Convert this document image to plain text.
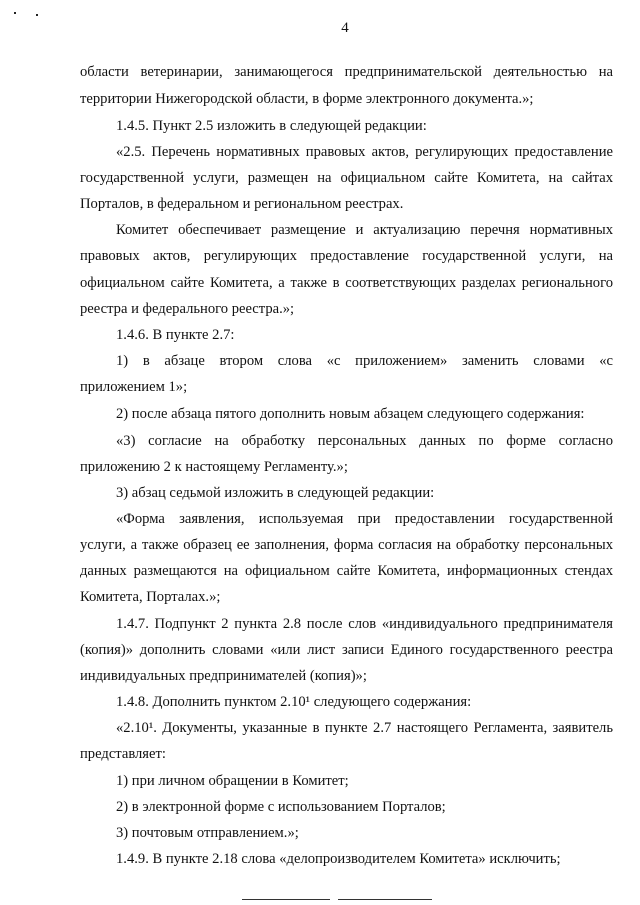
4
области ветеринарии, занимающегося предпринимательской деятельностью на
территории Нижегородской области, в форме электронного документа.»;
1.4.5. Пункт 2.5 изложить в следующей редакции:
«2.5. Перечень нормативных правовых актов, регулирующих предоставление
государственной услуги, размещен на официальном сайте Комитета, на сайтах
Порталов, в федеральном и региональном реестрах.
Комитет обеспечивает размещение и актуализацию перечня нормативных
правовых актов, регулирующих предоставление государственной услуги, на
официальном сайте Комитета, а также в соответствующих разделах регионального
реестра и федерального реестра.»;
1.4.6. В пункте 2.7:
1) в абзаце втором слова «с приложением» заменить словами «с
приложением 1»;
2) после абзаца пятого дополнить новым абзацем следующего содержания:
«3) согласие на обработку персональных данных по форме согласно
приложению 2 к настоящему Регламенту.»;
3) абзац седьмой изложить в следующей редакции:
«Форма заявления, используемая при предоставлении государственной
услуги, а также образец ее заполнения, форма согласия на обработку персональных
данных размещаются на официальном сайте Комитета, информационных стендах
Комитета, Порталах.»;
1.4.7. Подпункт 2 пункта 2.8 после слов «индивидуального предпринимателя
(копия)» дополнить словами «или лист записи Единого государственного реестра
индивидуальных предпринимателей (копия)»;
1.4.8. Дополнить пунктом 2.10¹ следующего содержания:
«2.10¹. Документы, указанные в пункте 2.7 настоящего Регламента, заявитель
представляет:
1) при личном обращении в Комитет;
2) в электронной форме с использованием Порталов;
3) почтовым отправлением.»;
1.4.9. В пункте 2.18 слова «делопроизводителем Комитета» исключить;
